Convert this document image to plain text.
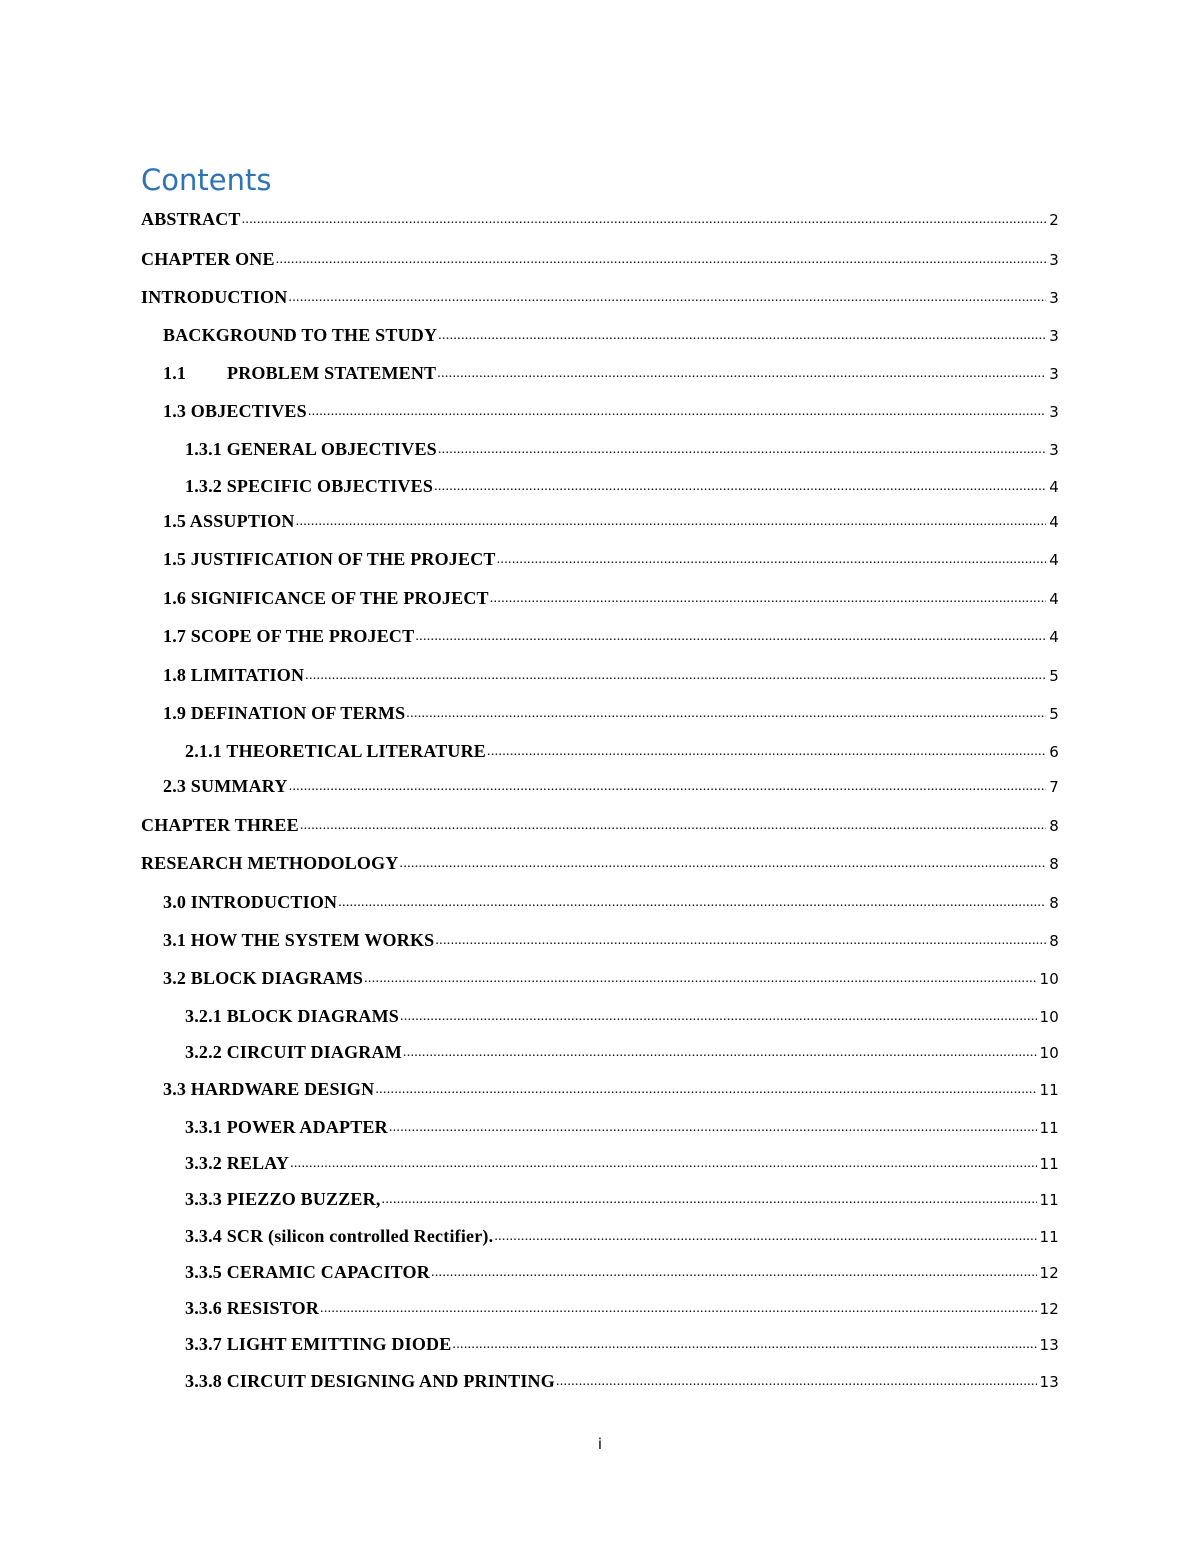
Contents
ABSTRACT .....	2
CHAPTER ONE .....	3
INTRODUCTION .....	3
BACKGROUND TO THE STUDY .....	3
1.1 PROBLEM STATEMENT .....	3
1.3 OBJECTIVES .....	3
1.3.1 GENERAL OBJECTIVES .....	3
1.3.2 SPECIFIC OBJECTIVES .....	4
1.5 ASSUPTION .....	4
1.5 JUSTIFICATION OF THE PROJECT .....	4
1.6 SIGNIFICANCE OF THE PROJECT .....	4
1.7 SCOPE OF THE PROJECT .....	4
1.8 LIMITATION .....	5
1.9 DEFINATION OF TERMS .....	5
2.1.1 THEORETICAL LITERATURE .....	6
2.3 SUMMARY .....	7
CHAPTER THREE .....	8
RESEARCH METHODOLOGY .....	8
3.0 INTRODUCTION .....	8
3.1 HOW THE SYSTEM WORKS .....	8
3.2 BLOCK DIAGRAMS .....	10
3.2.1 BLOCK DIAGRAMS .....	10
3.2.2 CIRCUIT DIAGRAM .....	10
3.3 HARDWARE DESIGN .....	11
3.3.1 POWER ADAPTER .....	11
3.3.2 RELAY .....	11
3.3.3 PIEZZO BUZZER, .....	11
3.3.4 SCR (silicon controlled Rectifier). .....	11
3.3.5 CERAMIC CAPACITOR .....	12
3.3.6 RESISTOR .....	12
3.3.7 LIGHT EMITTING DIODE .....	13
3.3.8 CIRCUIT DESIGNING AND PRINTING .....	13
i
